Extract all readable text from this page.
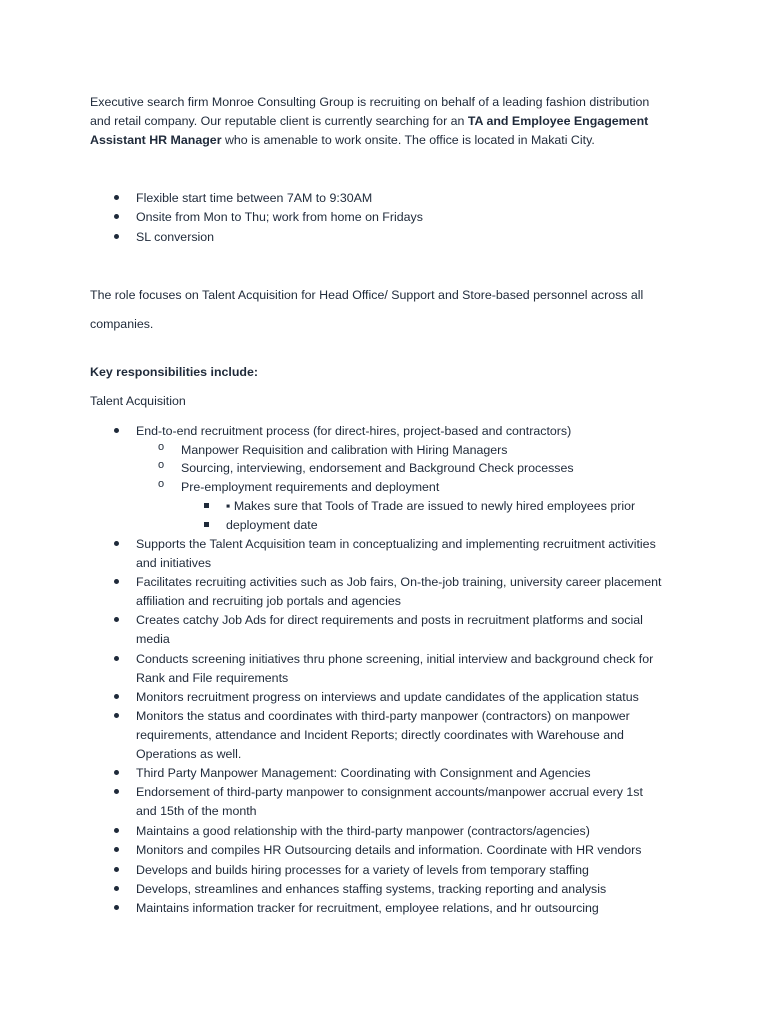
Executive search firm Monroe Consulting Group is recruiting on behalf of a leading fashion distribution
and retail company. Our reputable client is currently searching for an TA and Employee Engagement
Assistant HR Manager who is amenable to work onsite. The office is located in Makati City.
Flexible start time between 7AM to 9:30AM
Onsite from Mon to Thu; work from home on Fridays
SL conversion
The role focuses on Talent Acquisition for Head Office/ Support and Store-based personnel across all
companies.
Key responsibilities include:
Talent Acquisition
End-to-end recruitment process (for direct-hires, project-based and contractors)
o Manpower Requisition and calibration with Hiring Managers
o Sourcing, interviewing, endorsement and Background Check processes
o Pre-employment requirements and deployment
▪ Makes sure that Tools of Trade are issued to newly hired employees prior
deployment date
Supports the Talent Acquisition team in conceptualizing and implementing recruitment activities
and initiatives
Facilitates recruiting activities such as Job fairs, On-the-job training, university career placement
affiliation and recruiting job portals and agencies
Creates catchy Job Ads for direct requirements and posts in recruitment platforms and social
media
Conducts screening initiatives thru phone screening, initial interview and background check for
Rank and File requirements
Monitors recruitment progress on interviews and update candidates of the application status
Monitors the status and coordinates with third-party manpower (contractors) on manpower
requirements, attendance and Incident Reports; directly coordinates with Warehouse and
Operations as well.
Third Party Manpower Management: Coordinating with Consignment and Agencies
Endorsement of third-party manpower to consignment accounts/manpower accrual every 1st
and 15th of the month
Maintains a good relationship with the third-party manpower (contractors/agencies)
Monitors and compiles HR Outsourcing details and information. Coordinate with HR vendors
Develops and builds hiring processes for a variety of levels from temporary staffing
Develops, streamlines and enhances staffing systems, tracking reporting and analysis
Maintains information tracker for recruitment, employee relations, and hr outsourcing
